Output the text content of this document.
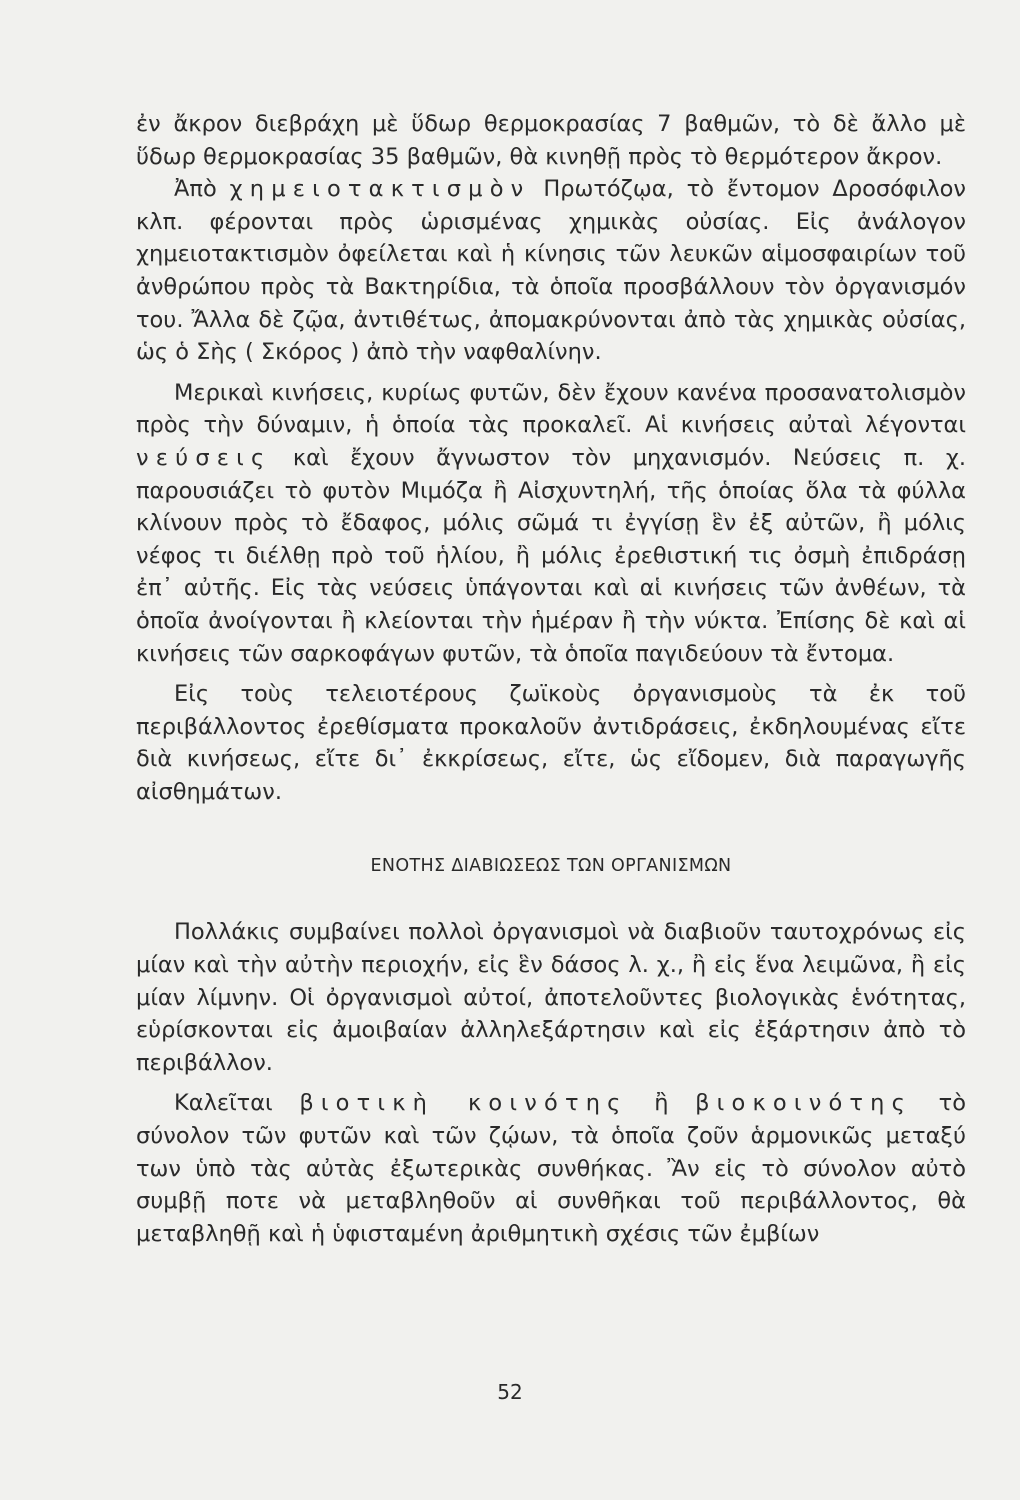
ἐν ἄκρον διεβράχη μὲ ὕδωρ θερμοκρασίας 7 βαθμῶν, τὸ δὲ ἄλλο μὲ ὕδωρ θερμοκρασίας 35 βαθμῶν, θὰ κινηθῇ πρὸς τὸ θερμότερον ἄκρον.

Ἀπὸ χημειοτακτισμὸν Πρωτόζῳα, τὸ ἔντομον Δροσόφιλον κλπ. φέρονται πρὸς ὡρισμένας χημικὰς οὐσίας. Εἰς ἀνάλογον χημειοτακτισμὸν ὀφείλεται καὶ ἡ κίνησις τῶν λευκῶν αἱμοσφαιρίων τοῦ ἀνθρώπου πρὸς τὰ Βακτηρίδια, τὰ ὁποῖα προσβάλλουν τὸν ὀργανισμόν του. Ἄλλα δὲ ζῷα, ἀντιθέτως, ἀπομακρύνονται ἀπὸ τὰς χημικὰς οὐσίας, ὡς ὁ Σὴς ( Σκόρος ) ἀπὸ τὴν ναφθαλίνην.

Μερικαὶ κινήσεις, κυρίως φυτῶν, δὲν ἔχουν κανένα προσανατολισμὸν πρὸς τὴν δύναμιν, ἡ ὁποία τὰς προκαλεῖ. Αἱ κινήσεις αὐταὶ λέγονται νεύσεις καὶ ἔχουν ἄγνωστον τὸν μηχανισμόν. Νεύσεις π. χ. παρουσιάζει τὸ φυτὸν Μιμόζα ἢ Αἰσχυντηλή, τῆς ὁποίας ὅλα τὰ φύλλα κλίνουν πρὸς τὸ ἔδαφος, μόλις σῶμά τι ἐγγίσῃ ἓν ἐξ αὐτῶν, ἢ μόλις νέφος τι διέλθῃ πρὸ τοῦ ἡλίου, ἢ μόλις ἐρεθιστική τις ὀσμὴ ἐπιδράσῃ ἐπ᾿ αὐτῆς. Εἰς τὰς νεύσεις ὑπάγονται καὶ αἱ κινήσεις τῶν ἀνθέων, τὰ ὁποῖα ἀνοίγονται ἢ κλείονται τὴν ἡμέραν ἢ τὴν νύκτα. Ἐπίσης δὲ καὶ αἱ κινήσεις τῶν σαρκοφάγων φυτῶν, τὰ ὁποῖα παγιδεύουν τὰ ἔντομα.

Εἰς τοὺς τελειοτέρους ζωϊκοὺς ὀργανισμοὺς τὰ ἐκ τοῦ περιβάλλοντος ἐρεθίσματα προκαλοῦν ἀντιδράσεις, ἐκδηλουμένας εἴτε διὰ κινήσεως, εἴτε δι᾿ ἐκκρίσεως, εἴτε, ὡς εἴδομεν, διὰ παραγωγῆς αἰσθημάτων.

ΕΝΟΤΗΣ ΔΙΑΒΙΩΣΕΩΣ ΤΩΝ ΟΡΓΑΝΙΣΜΩΝ

Πολλάκις συμβαίνει πολλοὶ ὀργανισμοὶ νὰ διαβιοῦν ταυτοχρόνως εἰς μίαν καὶ τὴν αὐτὴν περιοχήν, εἰς ἓν δάσος λ. χ., ἢ εἰς ἕνα λειμῶνα, ἢ εἰς μίαν λίμνην. Οἱ ὀργανισμοὶ αὐτοί, ἀποτελοῦντες βιολογικὰς ἑνότητας, εὑρίσκονται εἰς ἀμοιβαίαν ἀλληλεξάρτησιν καὶ εἰς ἐξάρτησιν ἀπὸ τὸ περιβάλλον.

Καλεῖται βιοτικὴ κοινότης ἢ βιοκοινότης τὸ σύνολον τῶν φυτῶν καὶ τῶν ζῴων, τὰ ὁποῖα ζοῦν ἁρμονικῶς μεταξύ των ὑπὸ τὰς αὐτὰς ἐξωτερικὰς συνθήκας. Ἂν εἰς τὸ σύνολον αὐτὸ συμβῇ ποτε νὰ μεταβληθοῦν αἱ συνθῆκαι τοῦ περιβάλλοντος, θὰ μεταβληθῇ καὶ ἡ ὑφισταμένη ἀριθμητικὴ σχέσις τῶν ἐμβίων

52
